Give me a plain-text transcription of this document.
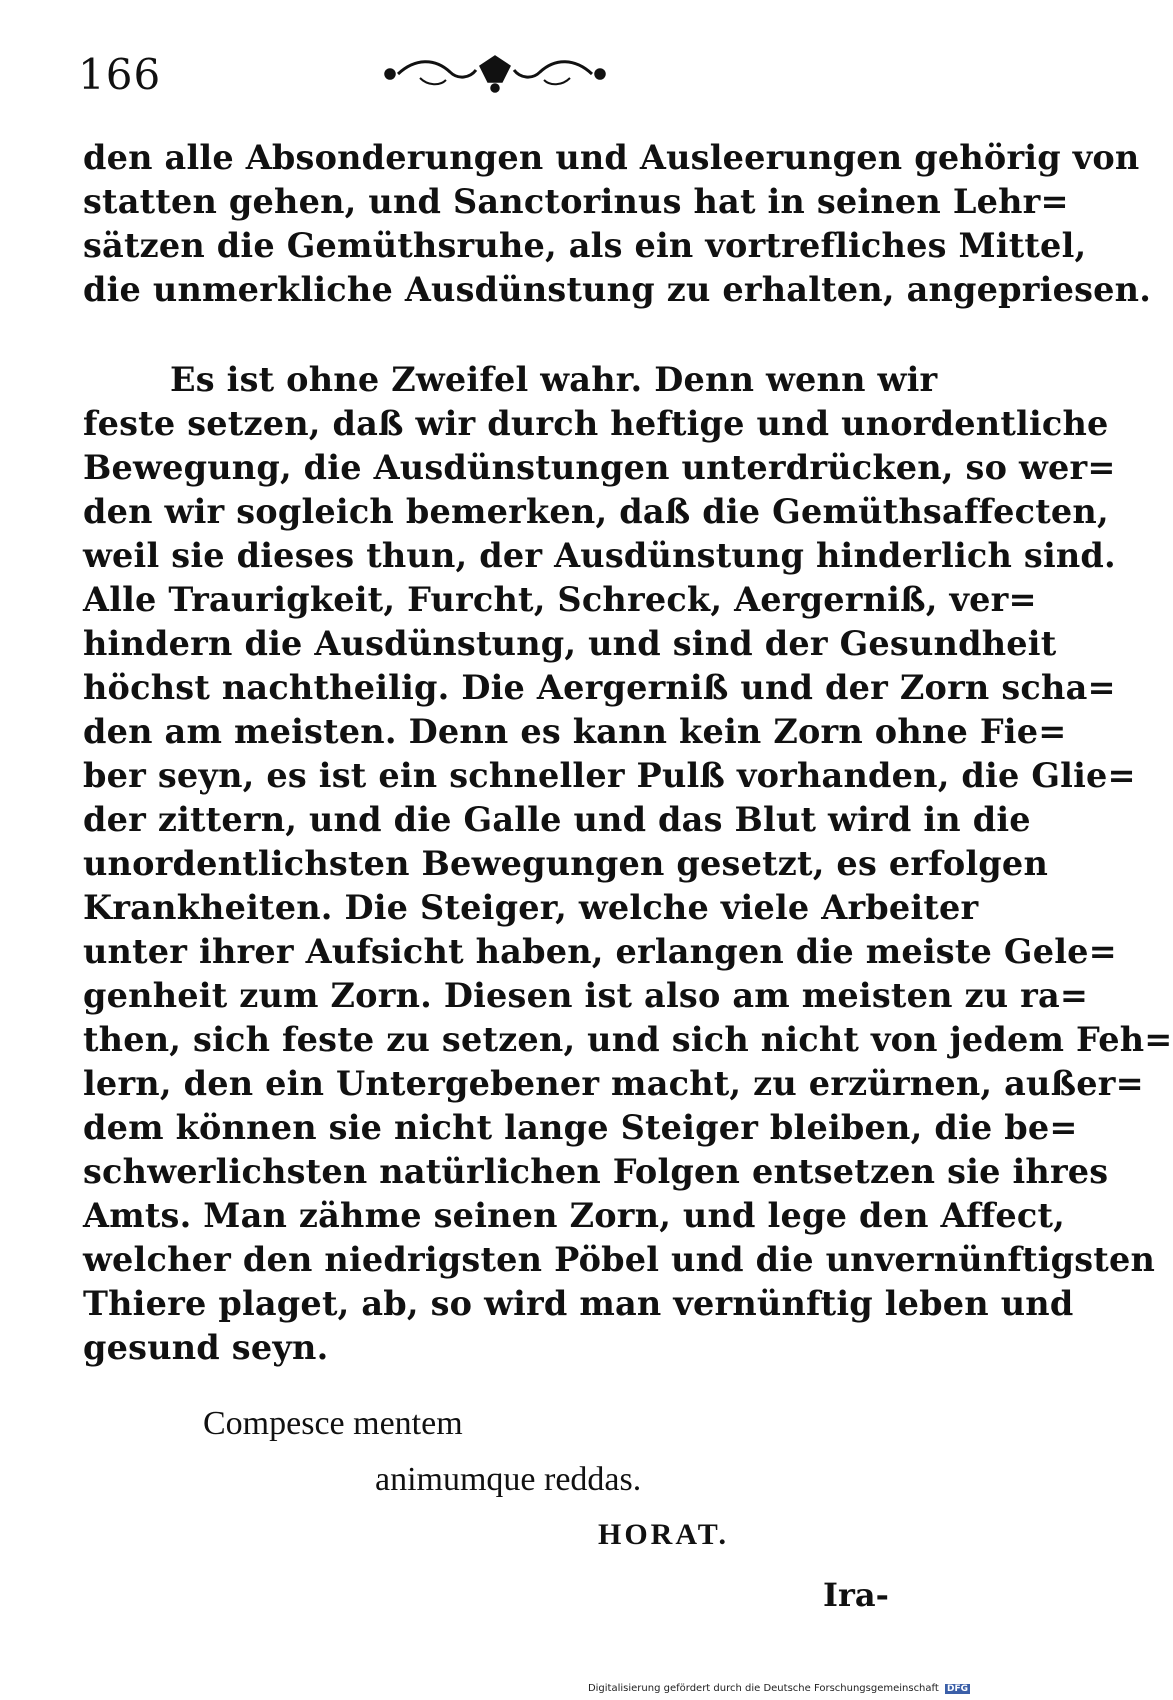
166
den alle Absonderungen und Ausleerungen gehörig von
statten gehen, und Sanctorinus hat in seinen Lehr=
sätzen die Gemüthsruhe, als ein vortrefliches Mittel,
die unmerkliche Ausdünstung zu erhalten, angepriesen.
Es ist ohne Zweifel wahr. Denn wenn wir
feste setzen, daß wir durch heftige und unordentliche
Bewegung, die Ausdünstungen unterdrücken, so wer=
den wir sogleich bemerken, daß die Gemüthsaffecten,
weil sie dieses thun, der Ausdünstung hinderlich sind.
Alle Traurigkeit, Furcht, Schreck, Aergerniß, ver=
hindern die Ausdünstung, und sind der Gesundheit
höchst nachtheilig. Die Aergerniß und der Zorn scha=
den am meisten. Denn es kann kein Zorn ohne Fie=
ber seyn, es ist ein schneller Pulß vorhanden, die Glie=
der zittern, und die Galle und das Blut wird in die
unordentlichsten Bewegungen gesetzt, es erfolgen
Krankheiten. Die Steiger, welche viele Arbeiter
unter ihrer Aufsicht haben, erlangen die meiste Gele=
genheit zum Zorn. Diesen ist also am meisten zu ra=
then, sich feste zu setzen, und sich nicht von jedem Feh=
lern, den ein Untergebener macht, zu erzürnen, außer=
dem können sie nicht lange Steiger bleiben, die be=
schwerlichsten natürlichen Folgen entsetzen sie ihres
Amts. Man zähme seinen Zorn, und lege den Affect,
welcher den niedrigsten Pöbel und die unvernünftigsten
Thiere plaget, ab, so wird man vernünftig leben und
gesund seyn.
Compesce mentem
animumque reddas.
HORAT.
Ira-
Digitalisierung gefördert durch die Deutsche Forschungsgemeinschaft DFG
